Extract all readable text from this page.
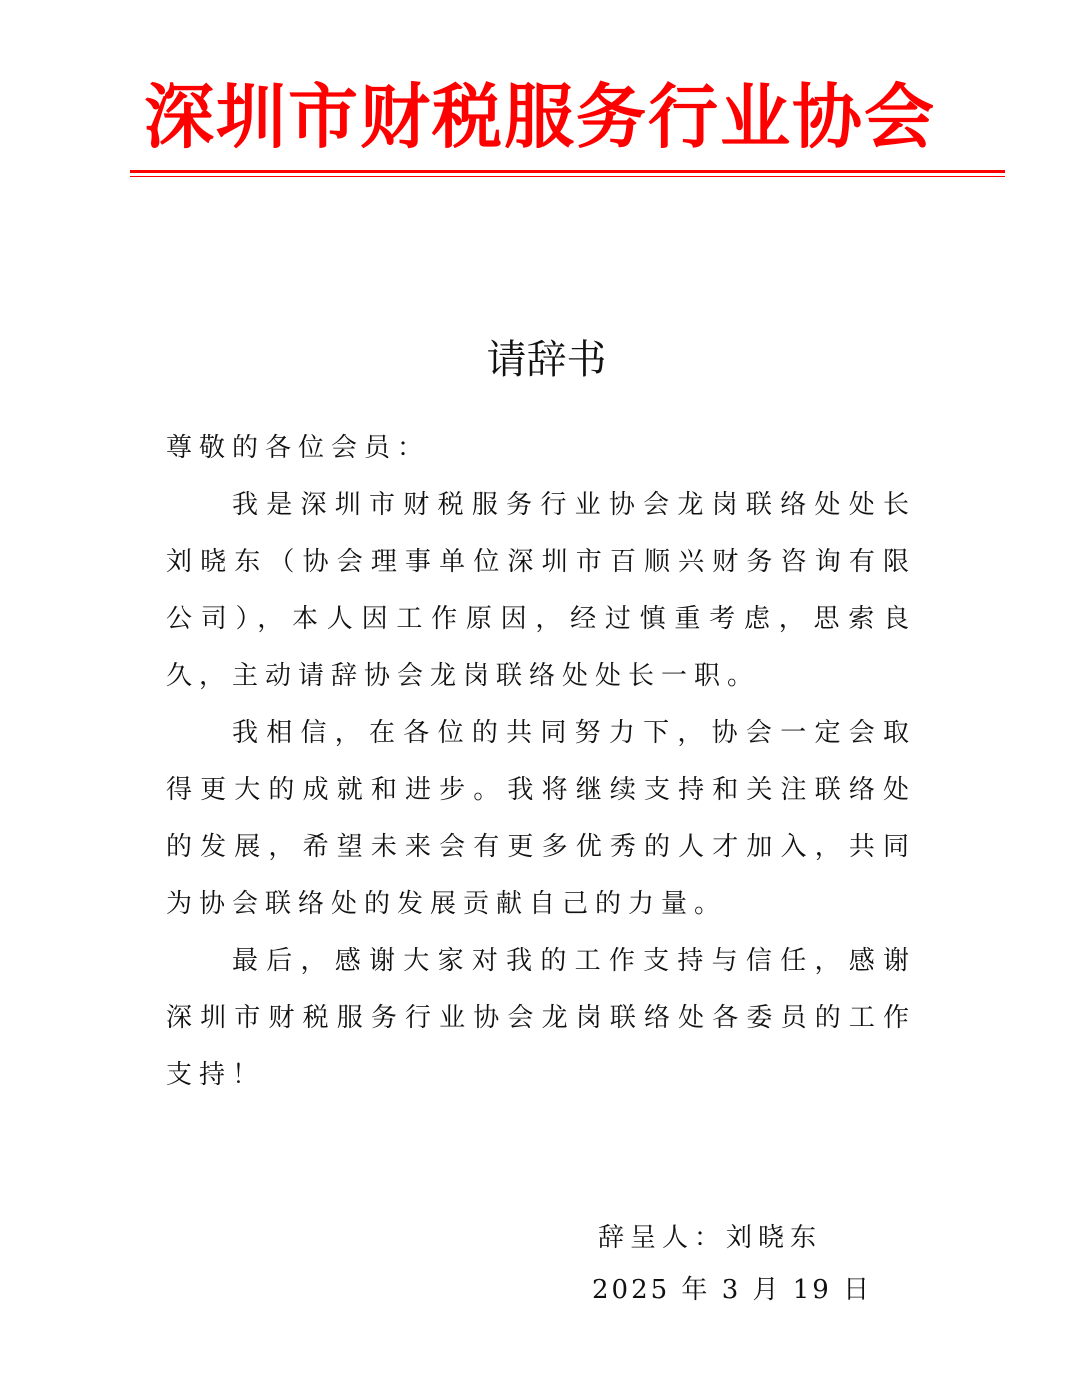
深圳市财税服务行业协会
请辞书

尊敬的各位会员：

我是深圳市财税服务行业协会龙岗联络处处长刘晓东（协会理事单位深圳市百顺兴财务咨询有限公司），本人因工作原因，经过慎重考虑，思索良久，主动请辞协会龙岗联络处处长一职。

我相信，在各位的共同努力下，协会一定会取得更大的成就和进步。我将继续支持和关注联络处的发展，希望未来会有更多优秀的人才加入，共同为协会联络处的发展贡献自己的力量。

最后，感谢大家对我的工作支持与信任，感谢深圳市财税服务行业协会龙岗联络处各委员的工作支持！

辞呈人：刘晓东
2025 年 3 月 19 日
